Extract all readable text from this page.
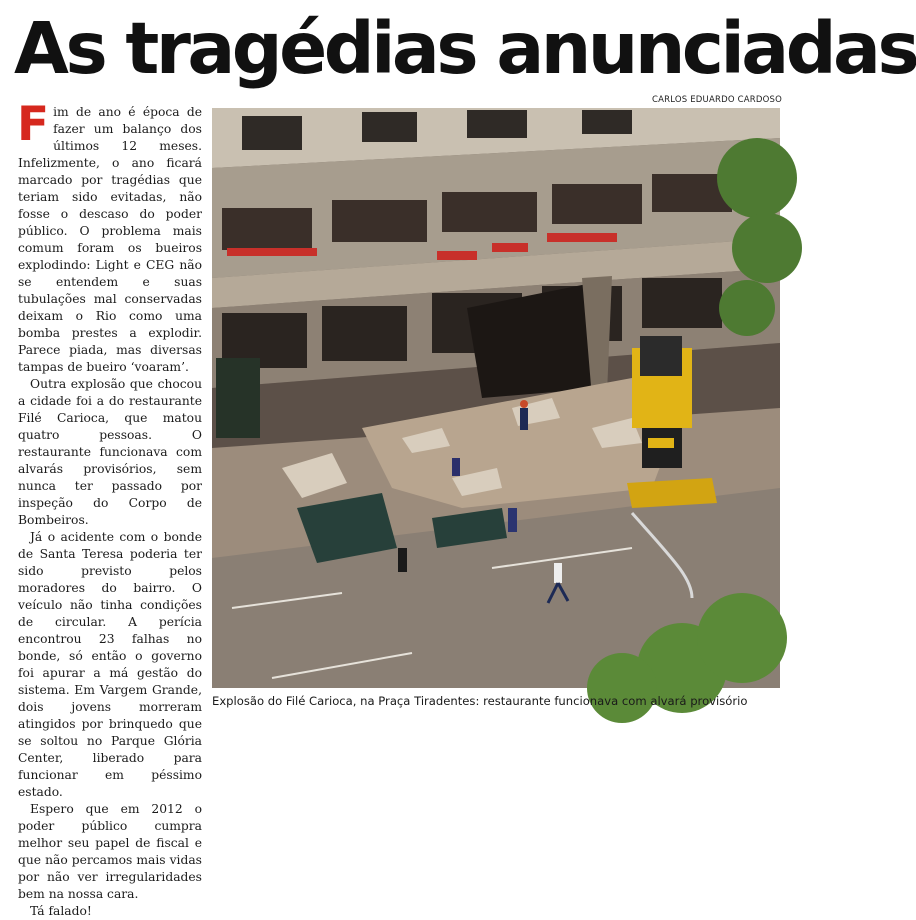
As tragédias anunciadas
CARLOS EDUARDO CARDOSO

Fim de ano é época de fazer um balanço dos últimos 12 meses. Infelizmente, o ano ficará marcado por tragédias que teriam sido evitadas, não fosse o descaso do poder público. O problema mais comum foram os bueiros explodindo: Light e CEG não se entendem e suas tubulações mal conservadas deixam o Rio como uma bomba prestes a explodir. Parece piada, mas diversas tampas de bueiro ‘voaram’.

Outra explosão que chocou a cidade foi a do restaurante Filé Carioca, que matou quatro pessoas. O restaurante funcionava com alvarás provisórios, sem nunca ter passado por inspeção do Corpo de Bombeiros.

Já o acidente com o bonde de Santa Teresa poderia ter sido previsto pelos moradores do bairro. O veículo não tinha condições de circular. A perícia encontrou 23 falhas no bonde, só então o governo foi apurar a má gestão do sistema. Em Vargem Grande, dois jovens morreram atingidos por brinquedo que se soltou no Parque Glória Center, liberado para funcionar em péssimo estado.

Espero que em 2012 o poder público cumpra melhor seu papel de fiscal e que não percamos mais vidas por não ver irregularidades bem na nossa cara.

Tá falado!

Explosão do Filé Carioca, na Praça Tiradentes: restaurante funcionava com alvará provisório
